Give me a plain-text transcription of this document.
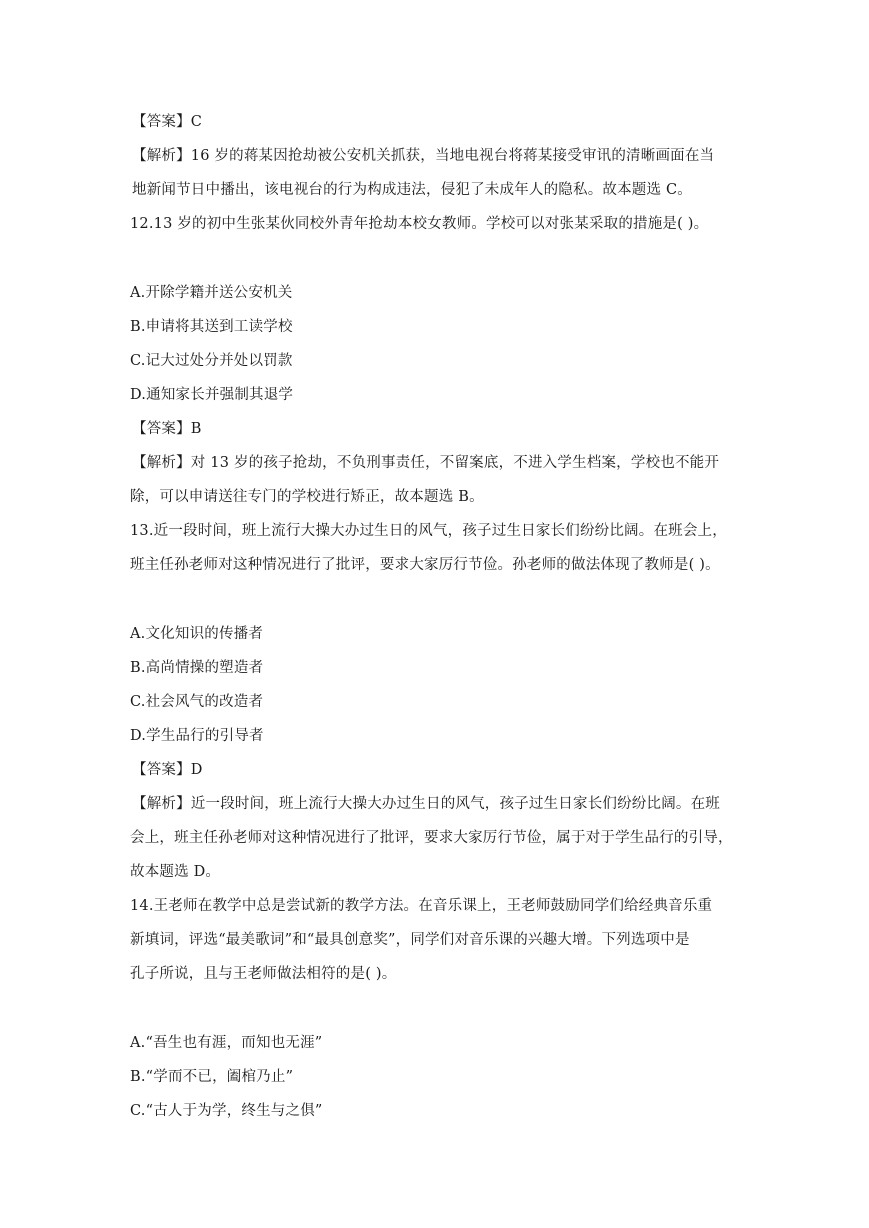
【答案】C
【解析】16 岁的蒋某因抢劫被公安机关抓获，当地电视台将蒋某接受审讯的清晰画面在当
地新闻节日中播出，该电视台的行为构成违法，侵犯了未成年人的隐私。故本题选 C。
12.13 岁的初中生张某伙同校外青年抢劫本校女教师。学校可以对张某采取的措施是( )。
A.开除学籍并送公安机关
B.申请将其送到工读学校
C.记大过处分并处以罚款
D.通知家长并强制其退学
【答案】B
【解析】对 13 岁的孩子抢劫，不负刑事责任，不留案底，不进入学生档案，学校也不能开
除，可以申请送往专门的学校进行矫正，故本题选 B。
13.近一段时间，班上流行大操大办过生日的风气，孩子过生日家长们纷纷比阔。在班会上，
班主任孙老师对这种情况进行了批评，要求大家厉行节俭。孙老师的做法体现了教师是( )。
A.文化知识的传播者
B.高尚情操的塑造者
C.社会风气的改造者
D.学生品行的引导者
【答案】D
【解析】近一段时间，班上流行大操大办过生日的风气，孩子过生日家长们纷纷比阔。在班
会上，班主任孙老师对这种情况进行了批评，要求大家厉行节俭，属于对于学生品行的引导，
故本题选 D。
14.王老师在教学中总是尝试新的教学方法。在音乐课上，王老师鼓励同学们给经典音乐重
新填词，评选“最美歌词”和“最具创意奖”，同学们对音乐课的兴趣大增。下列选项中是
孔子所说，且与王老师做法相符的是( )。
A.“吾生也有涯，而知也无涯”
B.“学而不已，阖棺乃止”
C.“古人于为学，终生与之俱”
